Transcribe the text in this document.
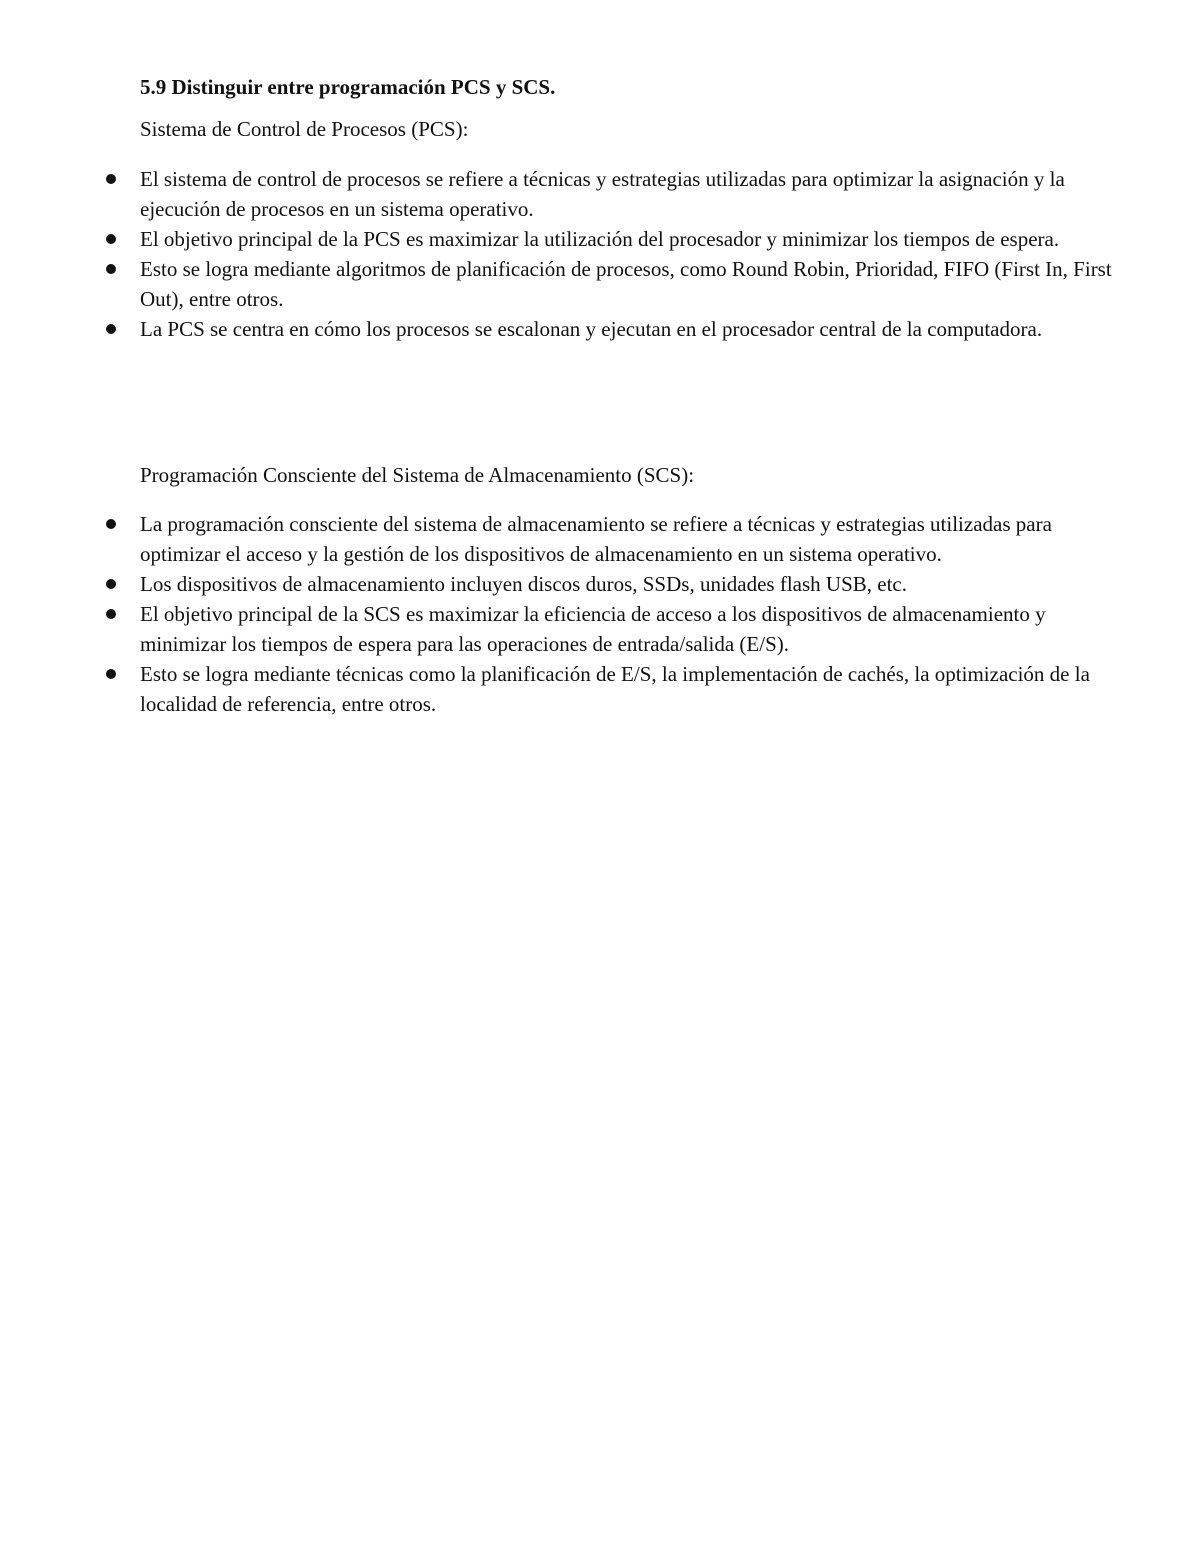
5.9 Distinguir entre programación PCS y SCS.
Sistema de Control de Procesos (PCS):
El sistema de control de procesos se refiere a técnicas y estrategias utilizadas para optimizar la asignación y la ejecución de procesos en un sistema operativo.
El objetivo principal de la PCS es maximizar la utilización del procesador y minimizar los tiempos de espera.
Esto se logra mediante algoritmos de planificación de procesos, como Round Robin, Prioridad, FIFO (First In, First Out), entre otros.
La PCS se centra en cómo los procesos se escalonan y ejecutan en el procesador central de la computadora.
Programación Consciente del Sistema de Almacenamiento (SCS):
La programación consciente del sistema de almacenamiento se refiere a técnicas y estrategias utilizadas para optimizar el acceso y la gestión de los dispositivos de almacenamiento en un sistema operativo.
Los dispositivos de almacenamiento incluyen discos duros, SSDs, unidades flash USB, etc.
El objetivo principal de la SCS es maximizar la eficiencia de acceso a los dispositivos de almacenamiento y minimizar los tiempos de espera para las operaciones de entrada/salida (E/S).
Esto se logra mediante técnicas como la planificación de E/S, la implementación de cachés, la optimización de la localidad de referencia, entre otros.
